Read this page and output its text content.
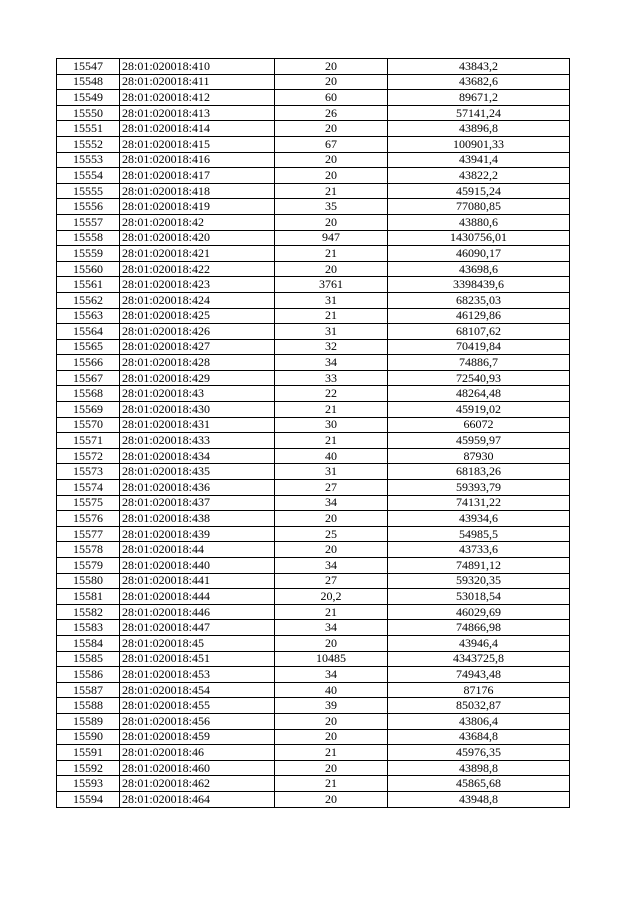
15547	28:01:020018:410	20	43843,2
15548	28:01:020018:411	20	43682,6
15549	28:01:020018:412	60	89671,2
15550	28:01:020018:413	26	57141,24
15551	28:01:020018:414	20	43896,8
15552	28:01:020018:415	67	100901,33
15553	28:01:020018:416	20	43941,4
15554	28:01:020018:417	20	43822,2
15555	28:01:020018:418	21	45915,24
15556	28:01:020018:419	35	77080,85
15557	28:01:020018:42	20	43880,6
15558	28:01:020018:420	947	1430756,01
15559	28:01:020018:421	21	46090,17
15560	28:01:020018:422	20	43698,6
15561	28:01:020018:423	3761	3398439,6
15562	28:01:020018:424	31	68235,03
15563	28:01:020018:425	21	46129,86
15564	28:01:020018:426	31	68107,62
15565	28:01:020018:427	32	70419,84
15566	28:01:020018:428	34	74886,7
15567	28:01:020018:429	33	72540,93
15568	28:01:020018:43	22	48264,48
15569	28:01:020018:430	21	45919,02
15570	28:01:020018:431	30	66072
15571	28:01:020018:433	21	45959,97
15572	28:01:020018:434	40	87930
15573	28:01:020018:435	31	68183,26
15574	28:01:020018:436	27	59393,79
15575	28:01:020018:437	34	74131,22
15576	28:01:020018:438	20	43934,6
15577	28:01:020018:439	25	54985,5
15578	28:01:020018:44	20	43733,6
15579	28:01:020018:440	34	74891,12
15580	28:01:020018:441	27	59320,35
15581	28:01:020018:444	20,2	53018,54
15582	28:01:020018:446	21	46029,69
15583	28:01:020018:447	34	74866,98
15584	28:01:020018:45	20	43946,4
15585	28:01:020018:451	10485	4343725,8
15586	28:01:020018:453	34	74943,48
15587	28:01:020018:454	40	87176
15588	28:01:020018:455	39	85032,87
15589	28:01:020018:456	20	43806,4
15590	28:01:020018:459	20	43684,8
15591	28:01:020018:46	21	45976,35
15592	28:01:020018:460	20	43898,8
15593	28:01:020018:462	21	45865,68
15594	28:01:020018:464	20	43948,8
